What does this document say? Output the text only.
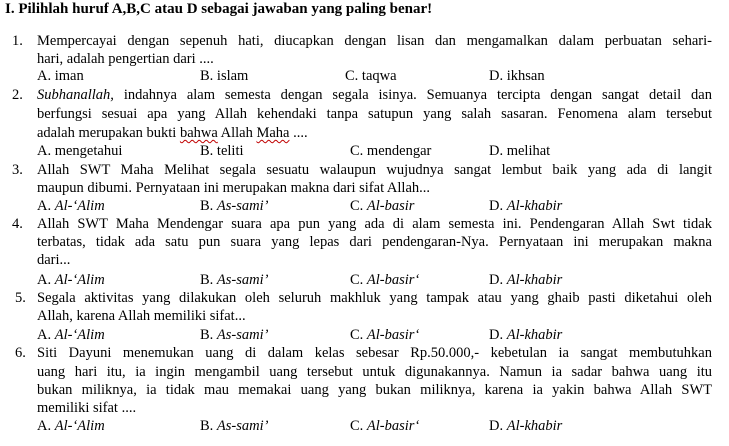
I. Pilihlah huruf A,B,C atau D sebagai jawaban yang paling benar!
1. Mempercayai dengan sepenuh hati, diucapkan dengan lisan dan mengamalkan dalam perbuatan sehari-
hari, adalah pengertian dari ....
A. iman	B. islam	C. taqwa	D. ikhsan
2. Subhanallah, indahnya alam semesta dengan segala isinya. Semuanya tercipta dengan sangat detail dan
berfungsi sesuai apa yang Allah kehendaki tanpa satupun yang salah sasaran. Fenomena alam tersebut
adalah merupakan bukti bahwa Allah Maha ....
A. mengetahui	B. teliti	C. mendengar	D. melihat
3. Allah SWT Maha Melihat segala sesuatu walaupun wujudnya sangat lembut baik yang ada di langit
maupun dibumi. Pernyataan ini merupakan makna dari sifat Allah...
A. Al-‘Alim	B. As-sami’	C. Al-basir	D. Al-khabir
4. Allah SWT Maha Mendengar suara apa pun yang ada di alam semesta ini. Pendengaran Allah Swt tidak
terbatas, tidak ada satu pun suara yang lepas dari pendengaran-Nya. Pernyataan ini merupakan makna
dari...
A. Al-‘Alim	B. As-sami’	C. Al-basir‘	D. Al-khabir
5. Segala aktivitas yang dilakukan oleh seluruh makhluk yang tampak atau yang ghaib pasti diketahui oleh
Allah, karena Allah memiliki sifat...
A. Al-‘Alim	B. As-sami’	C. Al-basir‘	D. Al-khabir
6. Siti Dayuni menemukan uang di dalam kelas sebesar Rp.50.000,- kebetulan ia sangat membutuhkan
uang hari itu, ia ingin mengambil uang tersebut untuk digunakannya. Namun ia sadar bahwa uang itu
bukan miliknya, ia tidak mau memakai uang yang bukan miliknya, karena ia yakin bahwa Allah SWT
memiliki sifat ....
A. Al-‘Alim	B. As-sami’	C. Al-basir‘	D. Al-khabir
